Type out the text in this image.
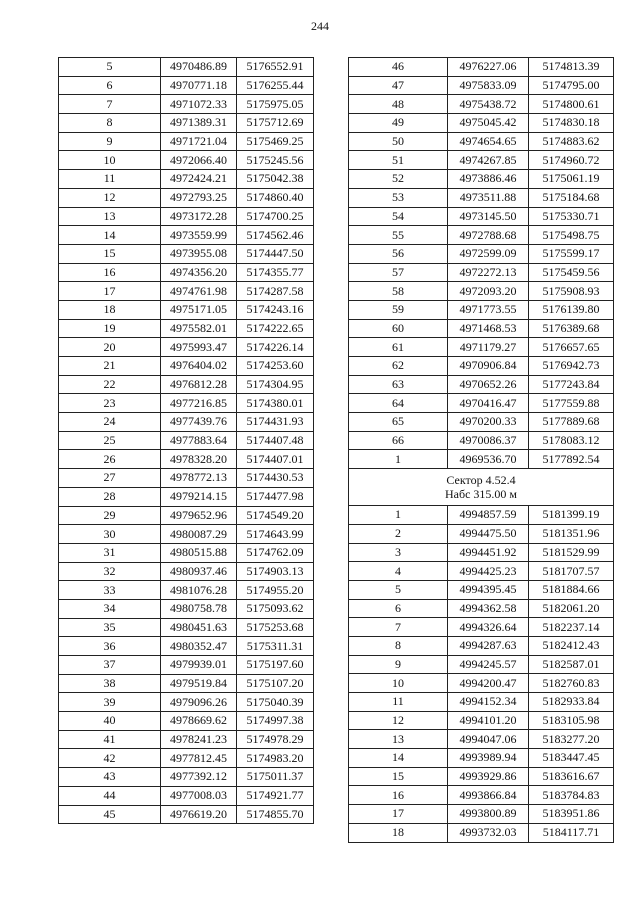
244
5	4970486.89	5176552.91
6	4970771.18	5176255.44
7	4971072.33	5175975.05
8	4971389.31	5175712.69
9	4971721.04	5175469.25
10	4972066.40	5175245.56
11	4972424.21	5175042.38
12	4972793.25	5174860.40
13	4973172.28	5174700.25
14	4973559.99	5174562.46
15	4973955.08	5174447.50
16	4974356.20	5174355.77
17	4974761.98	5174287.58
18	4975171.05	5174243.16
19	4975582.01	5174222.65
20	4975993.47	5174226.14
21	4976404.02	5174253.60
22	4976812.28	5174304.95
23	4977216.85	5174380.01
24	4977439.76	5174431.93
25	4977883.64	5174407.48
26	4978328.20	5174407.01
27	4978772.13	5174430.53
28	4979214.15	5174477.98
29	4979652.96	5174549.20
30	4980087.29	5174643.99
31	4980515.88	5174762.09
32	4980937.46	5174903.13
33	4981076.28	5174955.20
34	4980758.78	5175093.62
35	4980451.63	5175253.68
36	4980352.47	5175311.31
37	4979939.01	5175197.60
38	4979519.84	5175107.20
39	4979096.26	5175040.39
40	4978669.62	5174997.38
41	4978241.23	5174978.29
42	4977812.45	5174983.20
43	4977392.12	5175011.37
44	4977008.03	5174921.77
45	4976619.20	5174855.70
46	4976227.06	5174813.39
47	4975833.09	5174795.00
48	4975438.72	5174800.61
49	4975045.42	5174830.18
50	4974654.65	5174883.62
51	4974267.85	5174960.72
52	4973886.46	5175061.19
53	4973511.88	5175184.68
54	4973145.50	5175330.71
55	4972788.68	5175498.75
56	4972599.09	5175599.17
57	4972272.13	5175459.56
58	4972093.20	5175908.93
59	4971773.55	5176139.80
60	4971468.53	5176389.68
61	4971179.27	5176657.65
62	4970906.84	5176942.73
63	4970652.26	5177243.84
64	4970416.47	5177559.88
65	4970200.33	5177889.68
66	4970086.37	5178083.12
1	4969536.70	5177892.54

Сектор 4.52.4
Набс 315.00 м		

1	4994857.59	5181399.19
2	4994475.50	5181351.96
3	4994451.92	5181529.99
4	4994425.23	5181707.57
5	4994395.45	5181884.66
6	4994362.58	5182061.20
7	4994326.64	5182237.14
8	4994287.63	5182412.43
9	4994245.57	5182587.01
10	4994200.47	5182760.83
11	4994152.34	5182933.84
12	4994101.20	5183105.98
13	4994047.06	5183277.20
14	4993989.94	5183447.45
15	4993929.86	5183616.67
16	4993866.84	5183784.83
17	4993800.89	5183951.86
18	4993732.03	5184117.71
